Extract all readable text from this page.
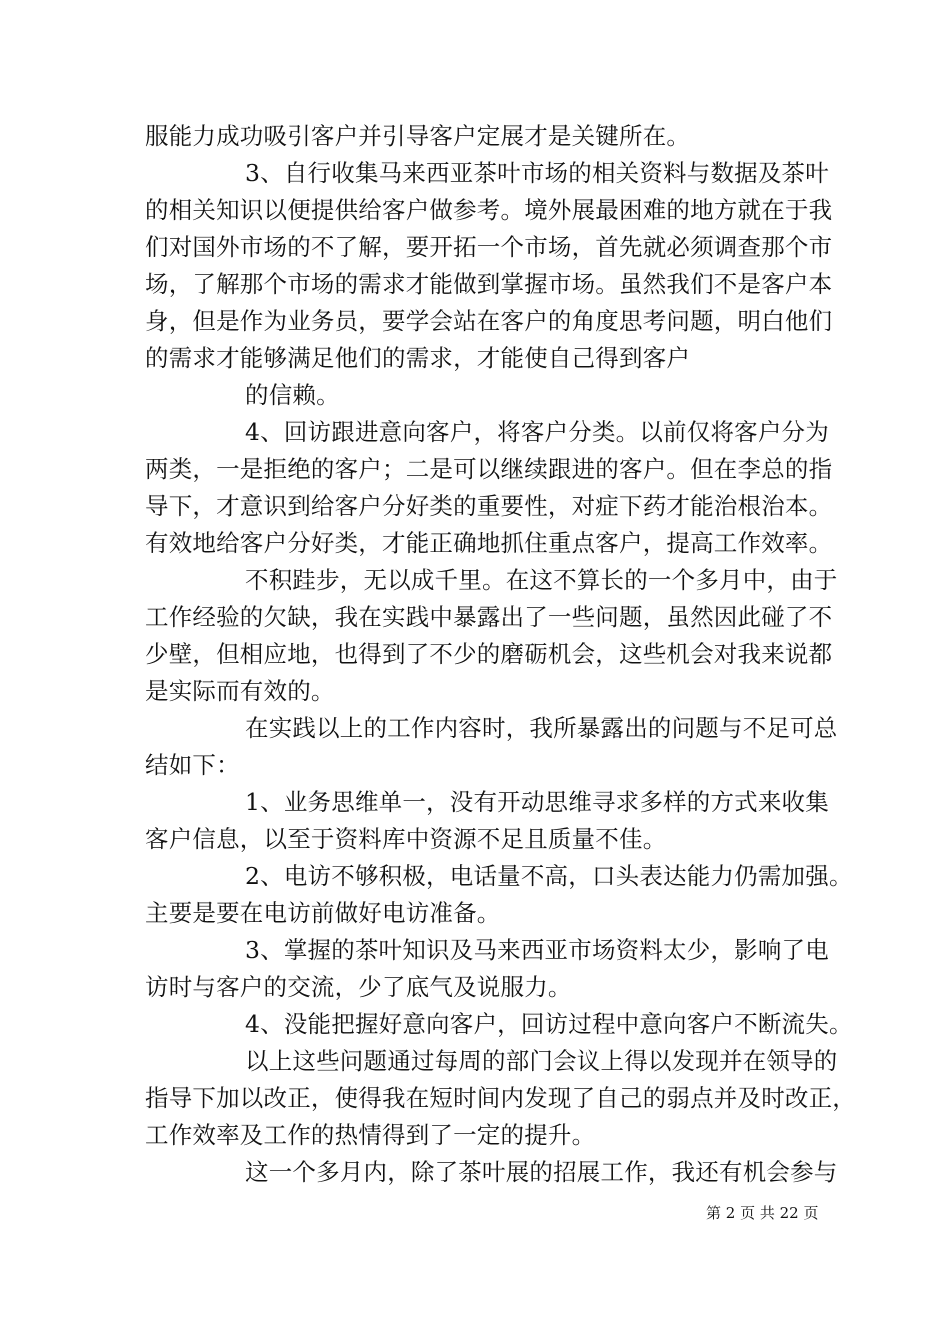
服能力成功吸引客户并引导客户定展才是关键所在。

3、自行收集马来西亚茶叶市场的相关资料与数据及茶叶

的相关知识以便提供给客户做参考。境外展最困难的地方就在于我

们对国外市场的不了解，要开拓一个市场，首先就必须调查那个市

场，了解那个市场的需求才能做到掌握市场。虽然我们不是客户本

身，但是作为业务员，要学会站在客户的角度思考问题，明白他们

的需求才能够满足他们的需求，才能使自己得到客户

的信赖。

4、回访跟进意向客户，将客户分类。以前仅将客户分为

两类，一是拒绝的客户；二是可以继续跟进的客户。但在李总的指

导下，才意识到给客户分好类的重要性，对症下药才能治根治本。

有效地给客户分好类，才能正确地抓住重点客户，提高工作效率。

不积跬步，无以成千里。在这不算长的一个多月中，由于

工作经验的欠缺，我在实践中暴露出了一些问题，虽然因此碰了不

少壁，但相应地，也得到了不少的磨砺机会，这些机会对我来说都

是实际而有效的。

在实践以上的工作内容时，我所暴露出的问题与不足可总

结如下：

1、业务思维单一，没有开动思维寻求多样的方式来收集

客户信息，以至于资料库中资源不足且质量不佳。

2、电访不够积极，电话量不高，口头表达能力仍需加强。

主要是要在电访前做好电访准备。

3、掌握的茶叶知识及马来西亚市场资料太少，影响了电

访时与客户的交流，少了底气及说服力。

4、没能把握好意向客户，回访过程中意向客户不断流失。

以上这些问题通过每周的部门会议上得以发现并在领导的

指导下加以改正，使得我在短时间内发现了自己的弱点并及时改正，

工作效率及工作的热情得到了一定的提升。

这一个多月内，除了茶叶展的招展工作，我还有机会参与

第 2 页 共 22 页
